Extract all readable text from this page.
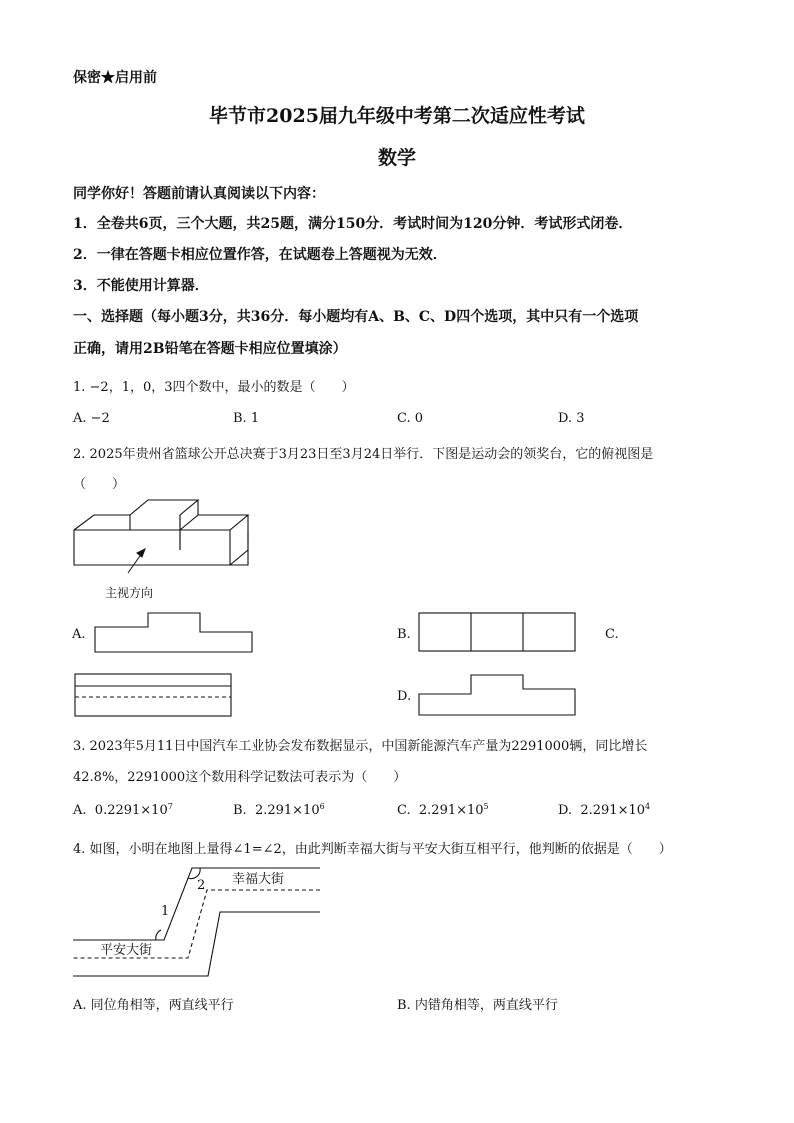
保密★启用前
毕节市2025届九年级中考第二次适应性考试
数学
同学你好！答题前请认真阅读以下内容：
1．全卷共6页，三个大题，共25题，满分150分．考试时间为120分钟．考试形式闭卷．
2．一律在答题卡相应位置作答，在试题卷上答题视为无效．
3．不能使用计算器．
一、选择题（每小题3分，共36分．每小题均有A、B、C、D四个选项，其中只有一个选项
正确，请用2B铅笔在答题卡相应位置填涂）
1. −2，1，0，3四个数中，最小的数是（　　）
A. −2	B. 1	C. 0	D. 3
2. 2025年贵州省篮球公开总决赛于3月23日至3月24日举行．下图是运动会的领奖台，它的俯视图是
（　　）
主视方向
A.	B.	C.
D.
3. 2023年5月11日中国汽车工业协会发布数据显示，中国新能源汽车产量为2291000辆，同比增长
42.8%，2291000这个数用科学记数法可表示为（　　）
A. $0.2291\times 10^7$	B. $2.291\times 10^6$	C. $2.291\times 10^5$	D. $2.291\times 10^4$
4. 如图，小明在地图上量得∠1=∠2，由此判断幸福大街与平安大街互相平行，他判断的依据是（　　）
幸福大街
平安大街
1
2
A. 同位角相等，两直线平行	B. 内错角相等，两直线平行
